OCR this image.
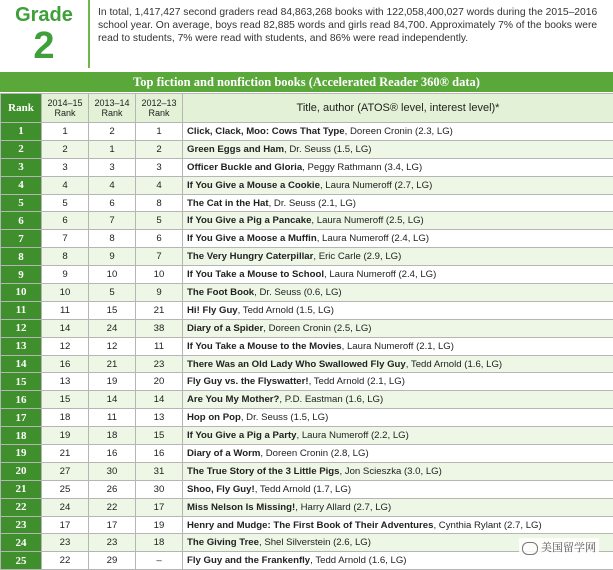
Grade
2
In total, 1,417,427 second graders read 84,863,268 books with 122,058,400,027 words during the 2015–2016 school year. On average, boys read 82,885 words and girls read 84,700. Approximately 7% of the books were read to students, 7% were read with students, and 86% were read independently.
Top fiction and nonfiction books (Accelerated Reader 360® data)
Rank	2014–15 Rank	2013–14 Rank	2012–13 Rank	Title, author (ATOS® level, interest level)*
1	1	2	1	Click, Clack, Moo: Cows That Type, Doreen Cronin (2.3, LG)
2	2	1	2	Green Eggs and Ham, Dr. Seuss (1.5, LG)
3	3	3	3	Officer Buckle and Gloria, Peggy Rathmann (3.4, LG)
4	4	4	4	If You Give a Mouse a Cookie, Laura Numeroff (2.7, LG)
5	5	6	8	The Cat in the Hat, Dr. Seuss (2.1, LG)
6	6	7	5	If You Give a Pig a Pancake, Laura Numeroff (2.5, LG)
7	7	8	6	If You Give a Moose a Muffin, Laura Numeroff (2.4, LG)
8	8	9	7	The Very Hungry Caterpillar, Eric Carle (2.9, LG)
9	9	10	10	If You Take a Mouse to School, Laura Numeroff (2.4, LG)
10	10	5	9	The Foot Book, Dr. Seuss (0.6, LG)
11	11	15	21	Hi! Fly Guy, Tedd Arnold (1.5, LG)
12	14	24	38	Diary of a Spider, Doreen Cronin (2.5, LG)
13	12	12	11	If You Take a Mouse to the Movies, Laura Numeroff (2.1, LG)
14	16	21	23	There Was an Old Lady Who Swallowed Fly Guy, Tedd Arnold (1.6, LG)
15	13	19	20	Fly Guy vs. the Flyswatter!, Tedd Arnold (2.1, LG)
16	15	14	14	Are You My Mother?, P.D. Eastman (1.6, LG)
17	18	11	13	Hop on Pop, Dr. Seuss (1.5, LG)
18	19	18	15	If You Give a Pig a Party, Laura Numeroff (2.2, LG)
19	21	16	16	Diary of a Worm, Doreen Cronin (2.8, LG)
20	27	30	31	The True Story of the 3 Little Pigs, Jon Scieszka (3.0, LG)
21	25	26	30	Shoo, Fly Guy!, Tedd Arnold (1.7, LG)
22	24	22	17	Miss Nelson Is Missing!, Harry Allard (2.7, LG)
23	17	17	19	Henry and Mudge: The First Book of Their Adventures, Cynthia Rylant (2.7, LG)
24	23	23	18	The Giving Tree, Shel Silverstein (2.6, LG)
25	22	29	–	Fly Guy and the Frankenfly, Tedd Arnold (1.6, LG)
美国留学网
